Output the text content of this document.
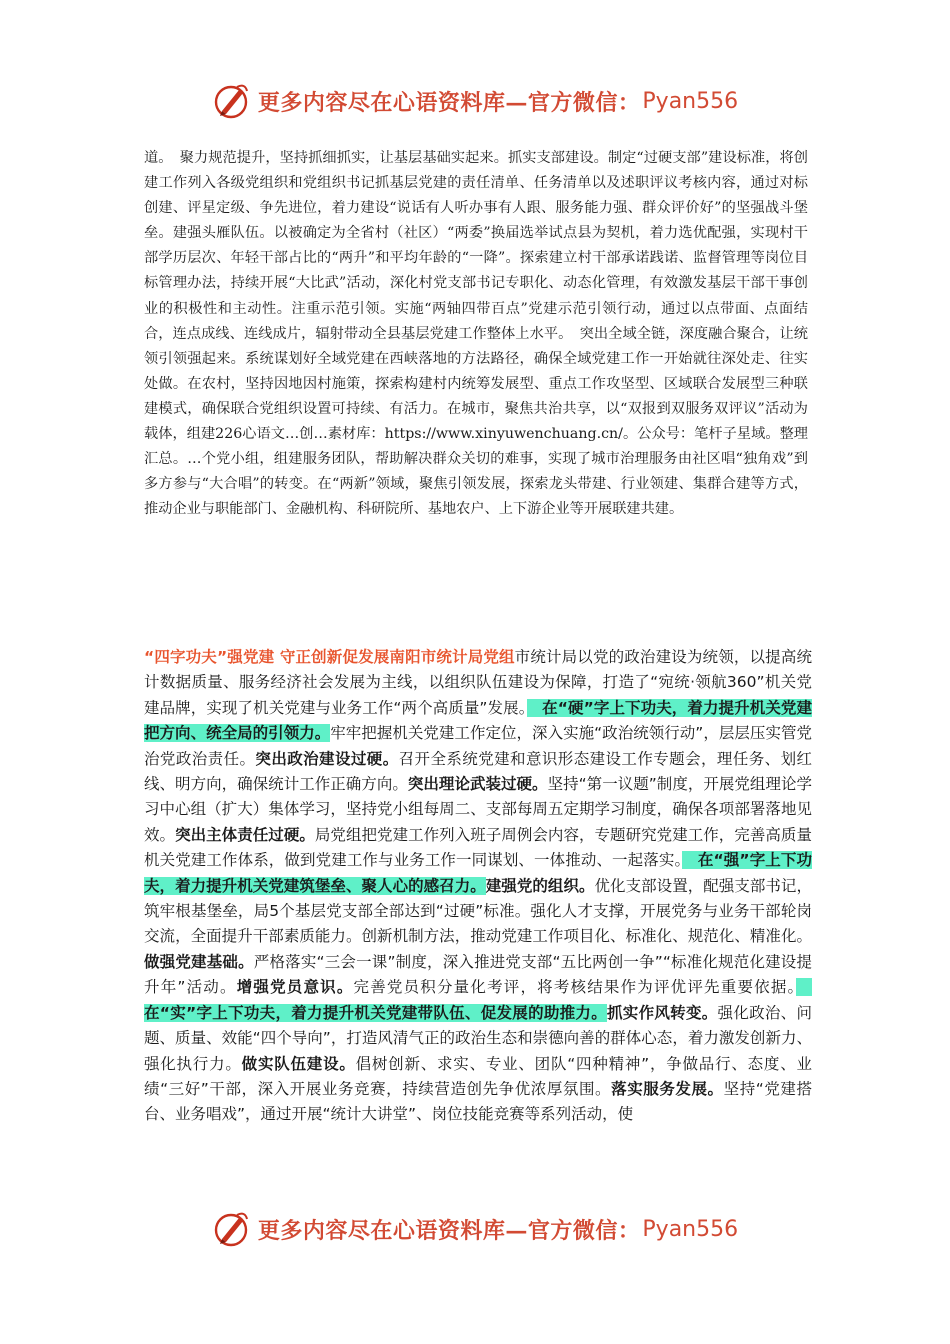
更多内容尽在心语资料库—官方微信： Pyan556
道。　聚力规范提升，坚持抓细抓实，让基层基础实起来。抓实支部建设。制定“过硬支部”建设标准，将创建工作列入各级党组织和党组织书记抓基层党建的责任清单、任务清单以及述职评议考核内容，通过对标创建、评星定级、争先进位，着力建设“说话有人听办事有人跟、服务能力强、群众评价好”的坚强战斗堡垒。建强头雁队伍。以被确定为全省村（社区）“两委”换届选举试点县为契机，着力选优配强，实现村干部学历层次、年轻干部占比的“两升”和平均年龄的“一降”。探索建立村干部承诺践诺、监督管理等岗位目标管理办法，持续开展“大比武”活动，深化村党支部书记专职化、动态化管理，有效激发基层干部干事创业的积极性和主动性。注重示范引领。实施“两轴四带百点”党建示范引领行动，通过以点带面、点面结合，连点成线、连线成片，辐射带动全县基层党建工作整体上水平。　突出全域全链，深度融合聚合，让统领引领强起来。系统谋划好全域党建在西峡落地的方法路径，确保全域党建工作一开始就往深处走、往实处做。在农村，坚持因地因村施策，探索构建村内统筹发展型、重点工作攻坚型、区域联合发展型三种联建模式，确保联合党组织设置可持续、有活力。在城市，聚焦共治共享，以“双报到双服务双评议”活动为载体，组建226心语文…创…素材库：https://www.xinyuwenchuang.cn/。公众号：笔杆子星域。整理汇总。…个党小组，组建服务团队，帮助解决群众关切的难事，实现了城市治理服务由社区唱“独角戏”到多方参与“大合唱”的转变。在“两新”领域，聚焦引领发展，探索龙头带建、行业领建、集群合建等方式，推动企业与职能部门、金融机构、科研院所、基地农户、上下游企业等开展联建共建。
“四字功夫”强党建 守正创新促发展南阳市统计局党组市统计局以党的政治建设为统领，以提高统计数据质量、服务经济社会发展为主线，以组织队伍建设为保障，打造了“宛统·领航360”机关党建品牌，实现了机关党建与业务工作“两个高质量”发展。　在“硬”字上下功夫，着力提升机关党建把方向、统全局的引领力。牢牢把握机关党建工作定位，深入实施“政治统领行动”，层层压实管党治党政治责任。突出政治建设过硬。召开全系统党建和意识形态建设工作专题会，理任务、划红线、明方向，确保统计工作正确方向。突出理论武装过硬。坚持“第一议题”制度，开展党组理论学习中心组（扩大）集体学习，坚持党小组每周二、支部每周五定期学习制度，确保各项部署落地见效。突出主体责任过硬。局党组把党建工作列入班子周例会内容，专题研究党建工作，完善高质量机关党建工作体系，做到党建工作与业务工作一同谋划、一体推动、一起落实。　在“强”字上下功夫，着力提升机关党建筑堡垒、聚人心的感召力。建强党的组织。优化支部设置，配强支部书记，筑牢根基堡垒，局5个基层党支部全部达到“过硬”标准。强化人才支撑，开展党务与业务干部轮岗交流，全面提升干部素质能力。创新机制方法，推动党建工作项目化、标准化、规范化、精准化。做强党建基础。严格落实“三会一课”制度，深入推进党支部“五比两创一争”“标准化规范化建设提升年”活动。增强党员意识。完善党员积分量化考评，将考核结果作为评优评先重要依据。　在“实”字上下功夫，着力提升机关党建带队伍、促发展的助推力。抓实作风转变。强化政治、问题、质量、效能“四个导向”，打造风清气正的政治生态和崇德向善的群体心态，着力激发创新力、强化执行力。做实队伍建设。倡树创新、求实、专业、团队“四种精神”，争做品行、态度、业绩“三好”干部，深入开展业务竞赛，持续营造创先争优浓厚氛围。落实服务发展。坚持“党建搭台、业务唱戏”，通过开展“统计大讲堂”、岗位技能竞赛等系列活动，使
更多内容尽在心语资料库—官方微信： Pyan556
